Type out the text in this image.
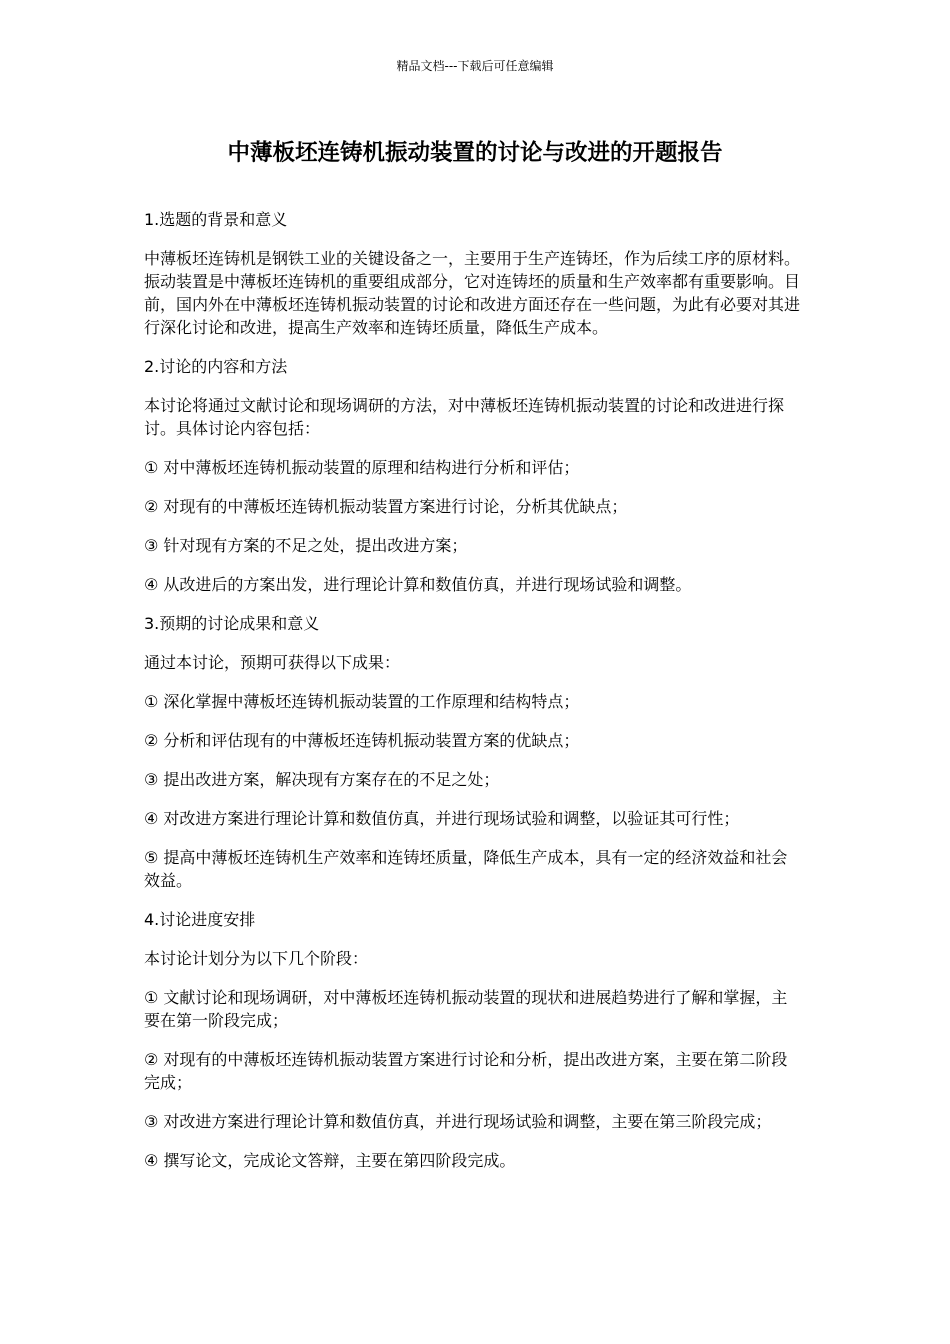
精品文档---下载后可任意编辑
中薄板坯连铸机振动装置的讨论与改进的开题报告

1.选题的背景和意义

中薄板坯连铸机是钢铁工业的关键设备之一，主要用于生产连铸坯，作为后续工序的原材料。振动装置是中薄板坯连铸机的重要组成部分，它对连铸坯的质量和生产效率都有重要影响。目前，国内外在中薄板坯连铸机振动装置的讨论和改进方面还存在一些问题，为此有必要对其进行深化讨论和改进，提高生产效率和连铸坯质量，降低生产成本。

2.讨论的内容和方法

本讨论将通过文献讨论和现场调研的方法，对中薄板坯连铸机振动装置的讨论和改进进行探讨。具体讨论内容包括：

① 对中薄板坯连铸机振动装置的原理和结构进行分析和评估；

② 对现有的中薄板坯连铸机振动装置方案进行讨论，分析其优缺点；

③ 针对现有方案的不足之处，提出改进方案；

④ 从改进后的方案出发，进行理论计算和数值仿真，并进行现场试验和调整。

3.预期的讨论成果和意义

通过本讨论，预期可获得以下成果：

① 深化掌握中薄板坯连铸机振动装置的工作原理和结构特点；

② 分析和评估现有的中薄板坯连铸机振动装置方案的优缺点；

③ 提出改进方案，解决现有方案存在的不足之处；

④ 对改进方案进行理论计算和数值仿真，并进行现场试验和调整，以验证其可行性；

⑤ 提高中薄板坯连铸机生产效率和连铸坯质量，降低生产成本，具有一定的经济效益和社会效益。

4.讨论进度安排

本讨论计划分为以下几个阶段：

① 文献讨论和现场调研，对中薄板坯连铸机振动装置的现状和进展趋势进行了解和掌握，主要在第一阶段完成；

② 对现有的中薄板坯连铸机振动装置方案进行讨论和分析，提出改进方案，主要在第二阶段完成；

③ 对改进方案进行理论计算和数值仿真，并进行现场试验和调整，主要在第三阶段完成；

④ 撰写论文，完成论文答辩，主要在第四阶段完成。
